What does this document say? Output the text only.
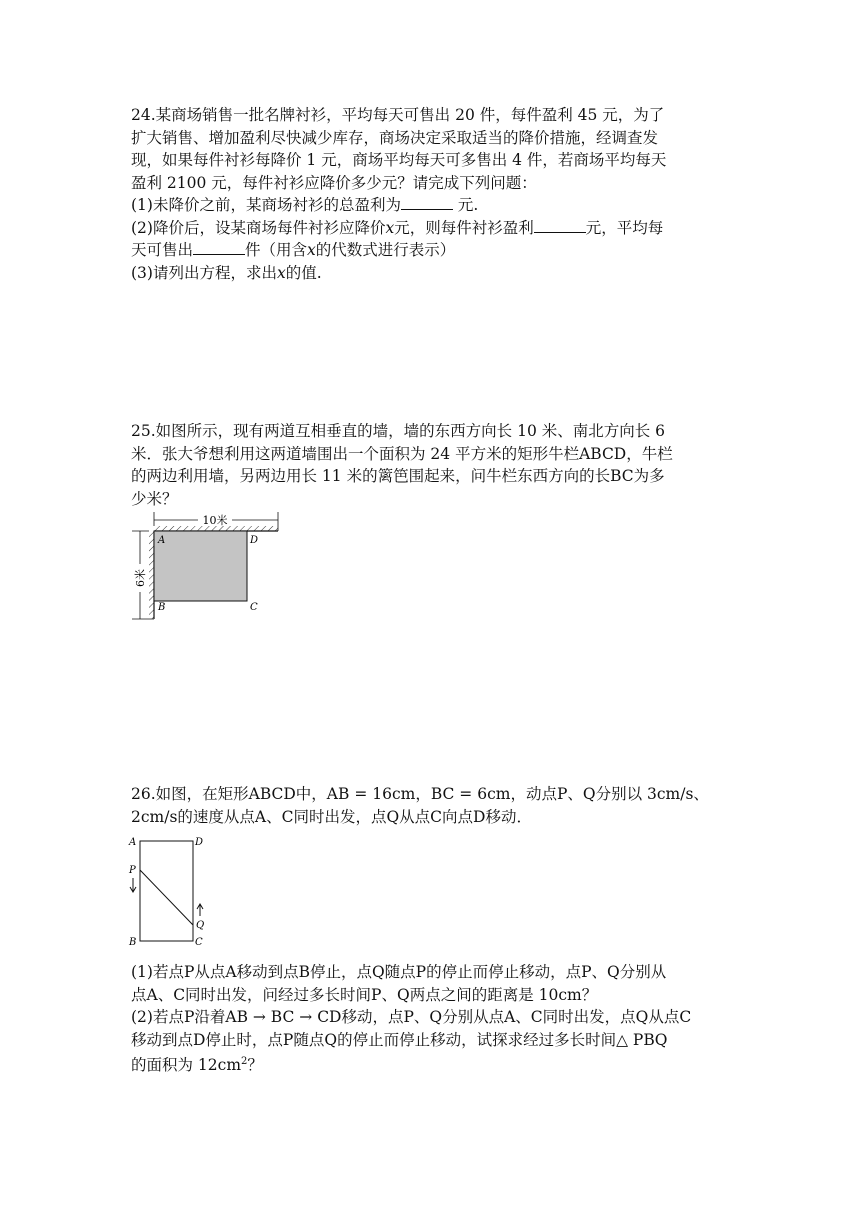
24.某商场销售一批名牌衬衫，平均每天可售出 20 件，每件盈利 45 元，为了
扩大销售、增加盈利尽快减少库存，商场决定采取适当的降价措施，经调查发
现，如果每件衬衫每降价 1 元，商场平均每天可多售出 4 件，若商场平均每天
盈利 2100 元，每件衬衫应降价多少元？请完成下列问题：
(1)未降价之前，某商场衬衫的总盈利为	元.
(2)降价后，设某商场每件衬衫应降价x元，则每件衬衫盈利	元，平均每
天可售出	件（用含x的代数式进行表示）
(3)请列出方程，求出x的值.
25.如图所示，现有两道互相垂直的墙，墙的东西方向长 10 米、南北方向长 6
米．张大爷想利用这两道墙围出一个面积为 24 平方米的矩形牛栏ABCD，牛栏
的两边利用墙，另两边用长 11 米的篱笆围起来，问牛栏东西方向的长BC为多
少米？
10米
6米
A
B	C
D
26.如图，在矩形ABCD中，AB = 16cm，BC = 6cm，动点P、Q分别以 3cm/s、
2cm/s的速度从点A、C同时出发，点Q从点C向点D移动．
A	D
P
Q
B	C
(1)若点P从点A移动到点B停止，点Q随点P的停止而停止移动，点P、Q分别从
点A、C同时出发，问经过多长时间P、Q两点之间的距离是 10cm？
(2)若点P沿着AB → BC → CD移动，点P、Q分别从点A、C同时出发，点Q从点C
移动到点D停止时，点P随点Q的停止而停止移动，试探求经过多长时间△ PBQ
的面积为 $12cm^2$？
